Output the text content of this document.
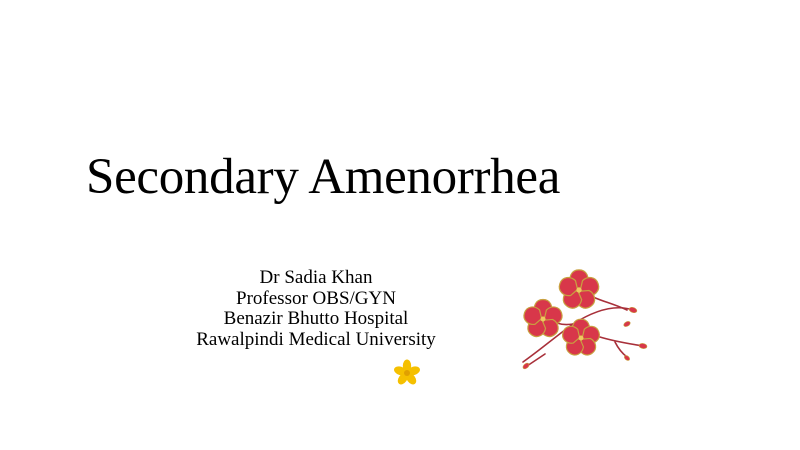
Secondary Amenorrhea
Dr Sadia Khan
Professor OBS/GYN
Benazir Bhutto Hospital
Rawalpindi Medical University
